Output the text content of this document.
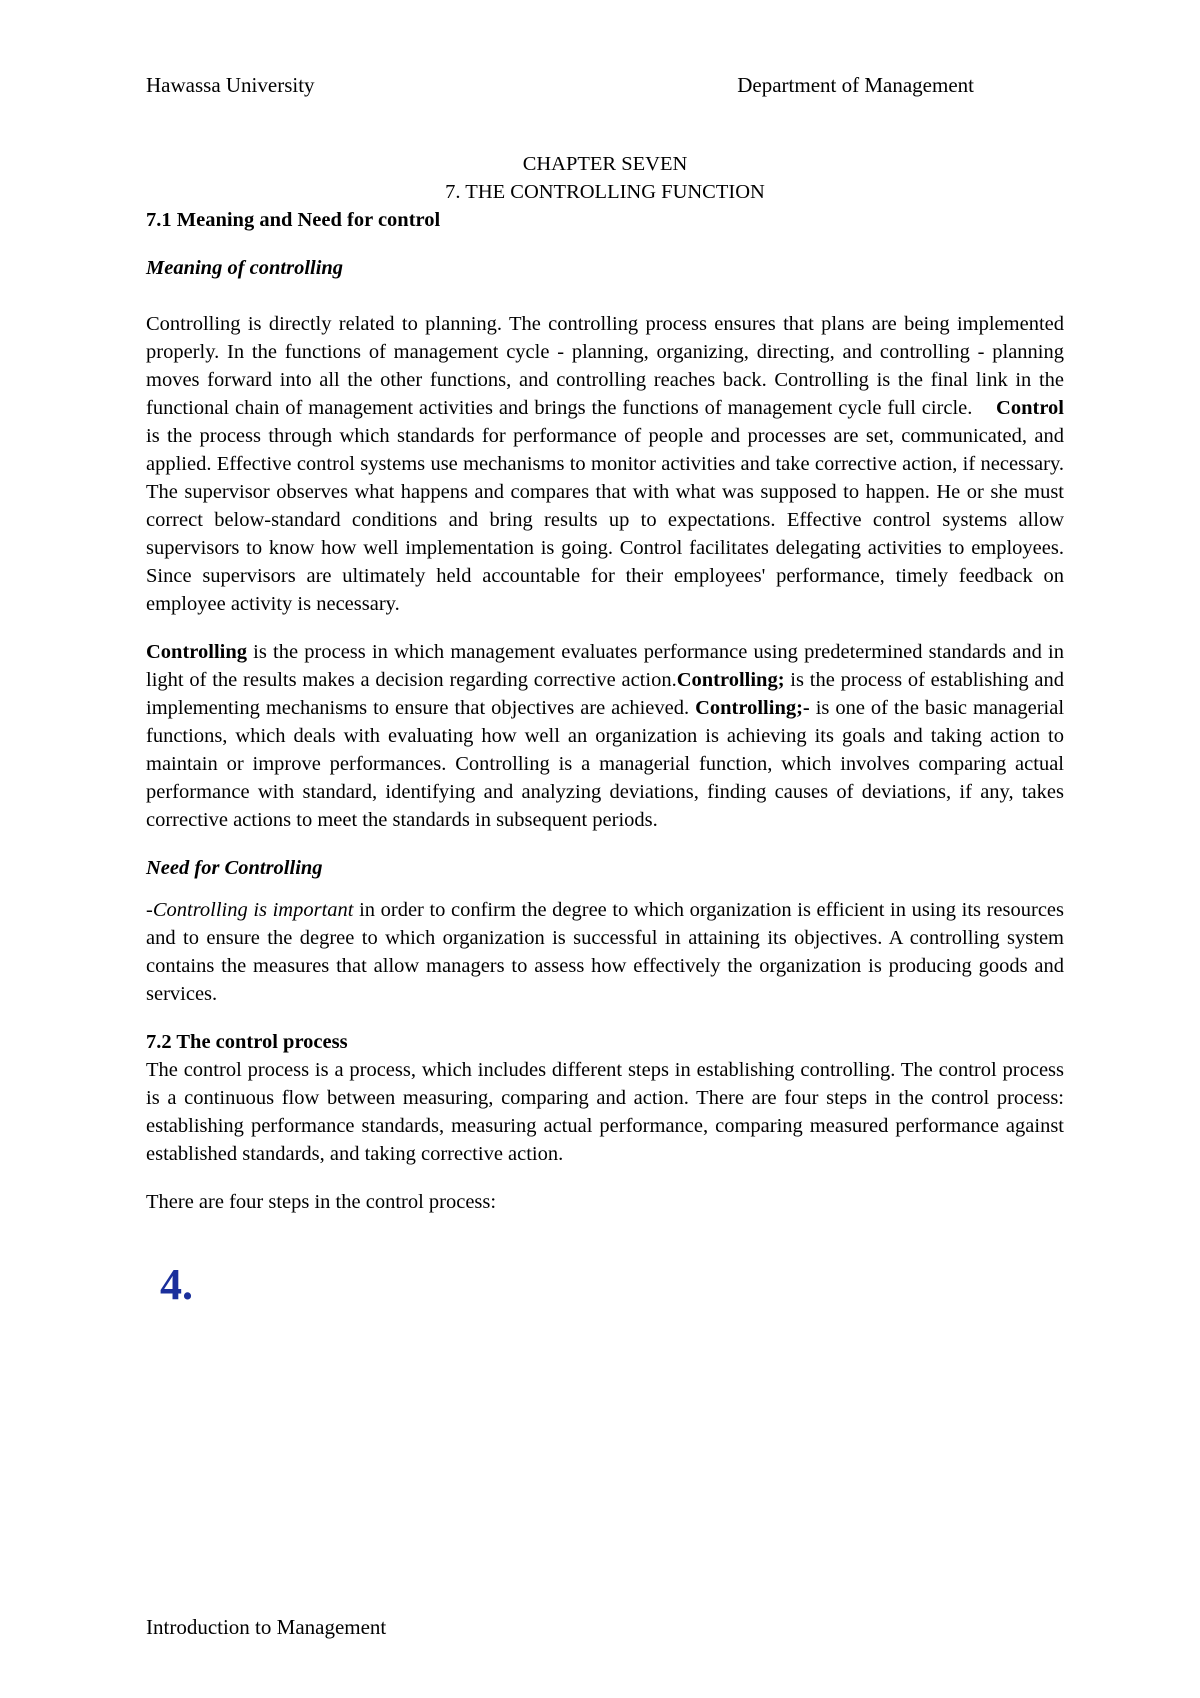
Hawassa University	Department of Management

CHAPTER SEVEN

7. THE CONTROLLING FUNCTION

7.1 Meaning and Need for control

Meaning of controlling

Controlling is directly related to planning. The controlling process ensures that plans are being implemented properly. In the functions of management cycle - planning, organizing, directing, and controlling - planning moves forward into all the other functions, and controlling reaches back. Controlling is the final link in the functional chain of management activities and brings the functions of management cycle full circle. Control is the process through which standards for performance of people and processes are set, communicated, and applied. Effective control systems use mechanisms to monitor activities and take corrective action, if necessary. The supervisor observes what happens and compares that with what was supposed to happen. He or she must correct below-standard conditions and bring results up to expectations. Effective control systems allow supervisors to know how well implementation is going. Control facilitates delegating activities to employees. Since supervisors are ultimately held accountable for their employees' performance, timely feedback on employee activity is necessary.

Controlling is the process in which management evaluates performance using predetermined standards and in light of the results makes a decision regarding corrective action.Controlling; is the process of establishing and implementing mechanisms to ensure that objectives are achieved. Controlling;- is one of the basic managerial functions, which deals with evaluating how well an organization is achieving its goals and taking action to maintain or improve performances. Controlling is a managerial function, which involves comparing actual performance with standard, identifying and analyzing deviations, finding causes of deviations, if any, takes corrective actions to meet the standards in subsequent periods.

Need for Controlling

-Controlling is important in order to confirm the degree to which organization is efficient in using its resources and to ensure the degree to which organization is successful in attaining its objectives. A controlling system contains the measures that allow managers to assess how effectively the organization is producing goods and services.

7.2 The control process

The control process is a process, which includes different steps in establishing controlling. The control process is a continuous flow between measuring, comparing and action. There are four steps in the control process: establishing performance standards, measuring actual performance, comparing measured performance against established standards, and taking corrective action.

There are four steps in the control process:

4.
Introduction to Management
